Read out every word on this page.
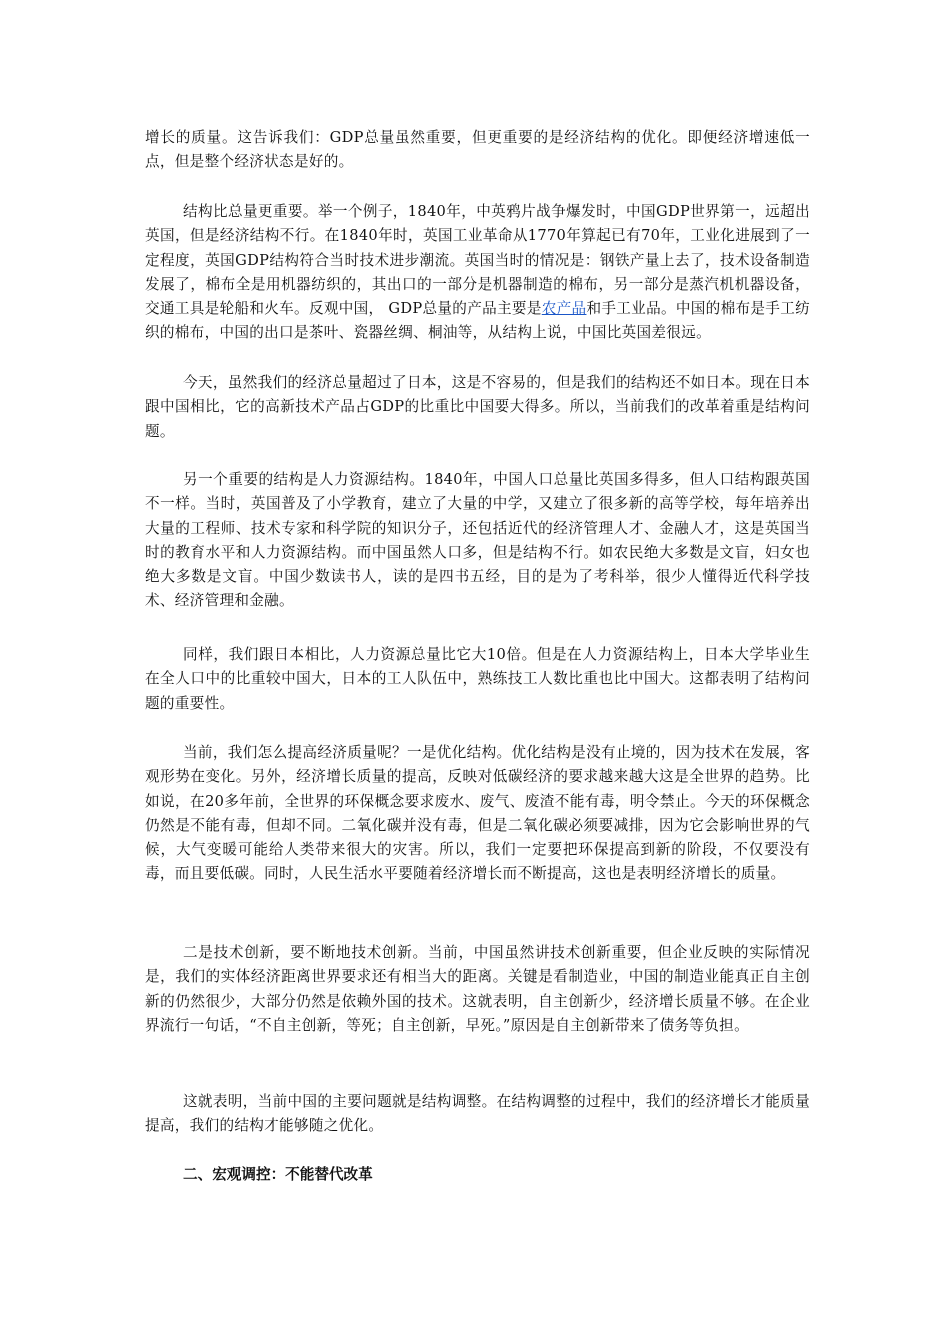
增长的质量。这告诉我们：GDP总量虽然重要，但更重要的是经济结构的优化。即便经济增速低一点，但是整个经济状态是好的。

结构比总量更重要。举一个例子，1840年，中英鸦片战争爆发时，中国GDP世界第一，远超出英国，但是经济结构不行。在1840年时，英国工业革命从1770年算起已有70年，工业化进展到了一定程度，英国GDP结构符合当时技术进步潮流。英国当时的情况是：钢铁产量上去了，技术设备制造发展了，棉布全是用机器纺织的，其出口的一部分是机器制造的棉布，另一部分是蒸汽机机器设备，交通工具是轮船和火车。反观中国， GDP总量的产品主要是农产品和手工业品。中国的棉布是手工纺织的棉布，中国的出口是茶叶、瓷器丝绸、桐油等，从结构上说，中国比英国差很远。

今天，虽然我们的经济总量超过了日本，这是不容易的，但是我们的结构还不如日本。现在日本跟中国相比，它的高新技术产品占GDP的比重比中国要大得多。所以，当前我们的改革着重是结构问题。

另一个重要的结构是人力资源结构。1840年，中国人口总量比英国多得多，但人口结构跟英国不一样。当时，英国普及了小学教育，建立了大量的中学，又建立了很多新的高等学校，每年培养出大量的工程师、技术专家和科学院的知识分子，还包括近代的经济管理人才、金融人才，这是英国当时的教育水平和人力资源结构。而中国虽然人口多，但是结构不行。如农民绝大多数是文盲，妇女也绝大多数是文盲。中国少数读书人，读的是四书五经，目的是为了考科举，很少人懂得近代科学技术、经济管理和金融。

同样，我们跟日本相比，人力资源总量比它大10倍。但是在人力资源结构上，日本大学毕业生在全人口中的比重较中国大，日本的工人队伍中，熟练技工人数比重也比中国大。这都表明了结构问题的重要性。

当前，我们怎么提高经济质量呢？一是优化结构。优化结构是没有止境的，因为技术在发展，客观形势在变化。另外，经济增长质量的提高，反映对低碳经济的要求越来越大这是全世界的趋势。比如说，在20多年前，全世界的环保概念要求废水、废气、废渣不能有毒，明令禁止。今天的环保概念仍然是不能有毒，但却不同。二氧化碳并没有毒，但是二氧化碳必须要减排，因为它会影响世界的气候，大气变暖可能给人类带来很大的灾害。所以，我们一定要把环保提高到新的阶段，不仅要没有毒，而且要低碳。同时，人民生活水平要随着经济增长而不断提高，这也是表明经济增长的质量。

二是技术创新，要不断地技术创新。当前，中国虽然讲技术创新重要，但企业反映的实际情况是，我们的实体经济距离世界要求还有相当大的距离。关键是看制造业，中国的制造业能真正自主创新的仍然很少，大部分仍然是依赖外国的技术。这就表明，自主创新少，经济增长质量不够。在企业界流行一句话，“不自主创新，等死；自主创新，早死。”原因是自主创新带来了债务等负担。

这就表明，当前中国的主要问题就是结构调整。在结构调整的过程中，我们的经济增长才能质量提高，我们的结构才能够随之优化。

二、宏观调控：不能替代改革
